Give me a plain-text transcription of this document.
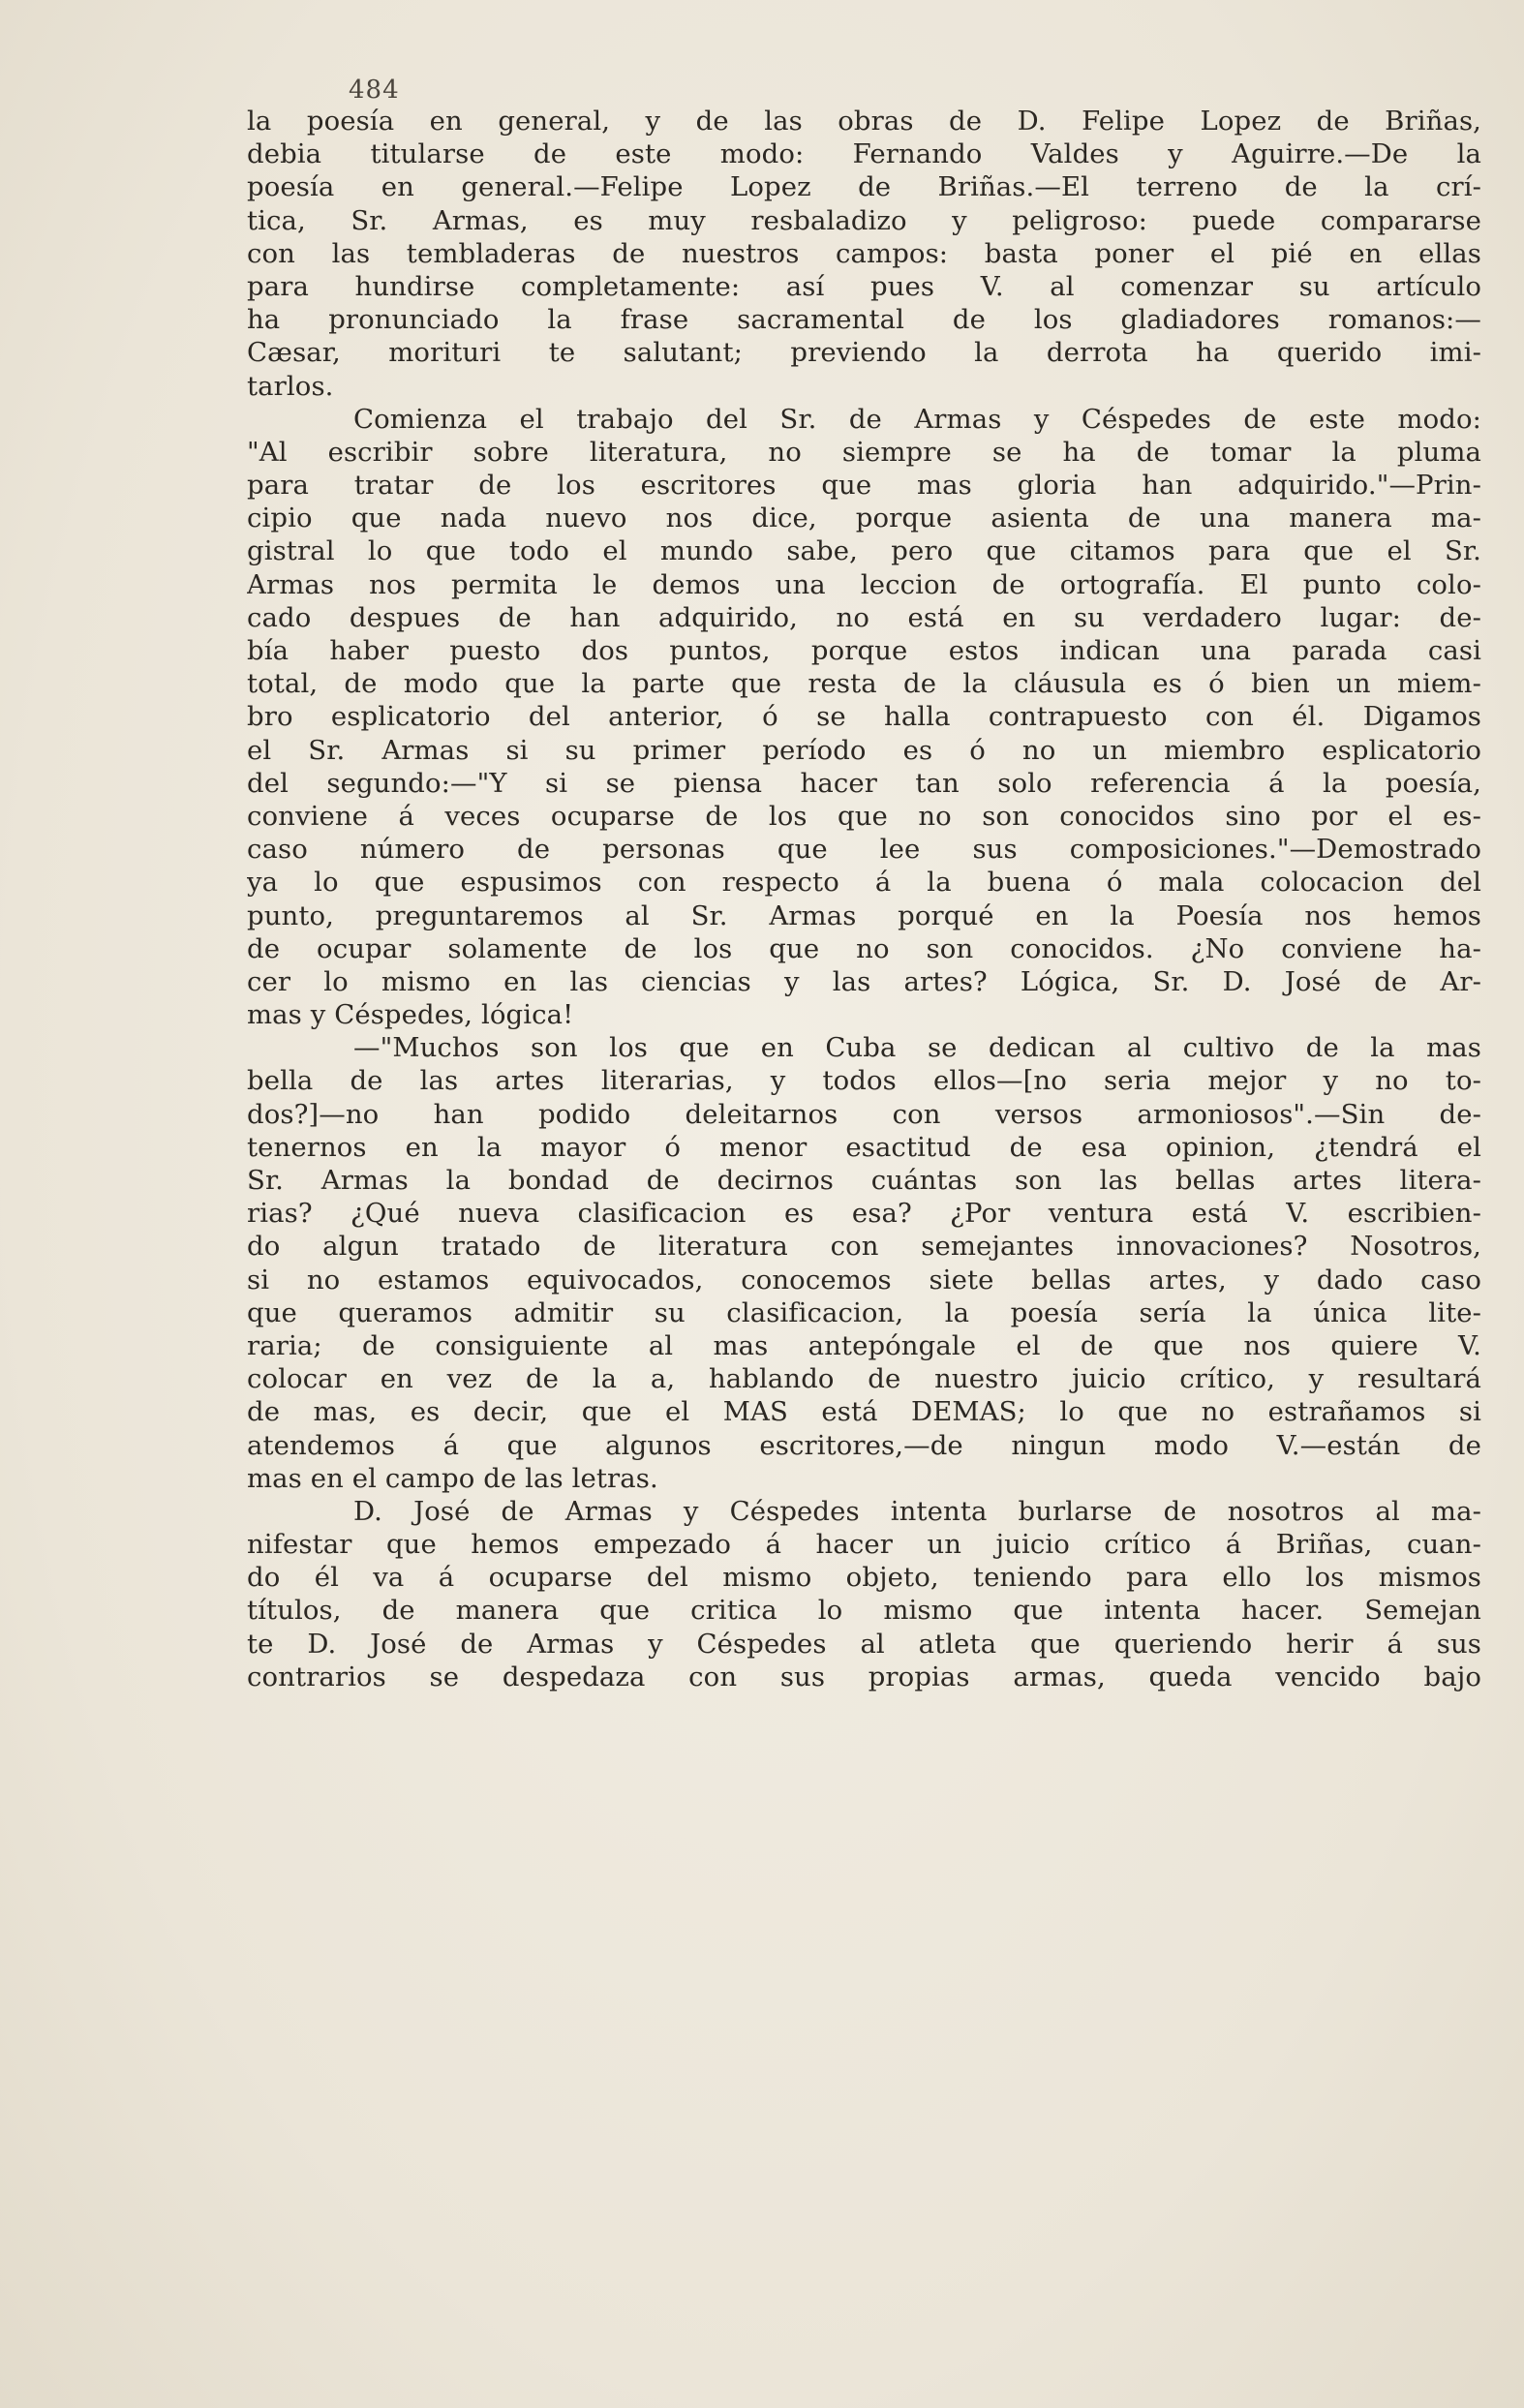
484
la poesía en general, y de las obras de D. Felipe Lopez de Briñas,
debia titularse de este modo: Fernando Valdes y Aguirre.—De la
poesía en general.—Felipe Lopez de Briñas.—El terreno de la crí-
tica, Sr. Armas, es muy resbaladizo y peligroso: puede compararse
con las tembladeras de nuestros campos: basta poner el pié en ellas
para hundirse completamente: así pues V. al comenzar su artículo
ha pronunciado la frase sacramental de los gladiadores romanos:—
Cæsar, morituri te salutant; previendo la derrota ha querido imi-
tarlos.
Comienza el trabajo del Sr. de Armas y Céspedes de este modo:
"Al escribir sobre literatura, no siempre se ha de tomar la pluma
para tratar de los escritores que mas gloria han adquirido."—Prin-
cipio que nada nuevo nos dice, porque asienta de una manera ma-
gistral lo que todo el mundo sabe, pero que citamos para que el Sr.
Armas nos permita le demos una leccion de ortografía. El punto colo-
cado despues de han adquirido, no está en su verdadero lugar: de-
bía haber puesto dos puntos, porque estos indican una parada casi
total, de modo que la parte que resta de la cláusula es ó bien un miem-
bro esplicatorio del anterior, ó se halla contrapuesto con él. Digamos
el Sr. Armas si su primer período es ó no un miembro esplicatorio
del segundo:—"Y si se piensa hacer tan solo referencia á la poesía,
conviene á veces ocuparse de los que no son conocidos sino por el es-
caso número de personas que lee sus composiciones."—Demostrado
ya lo que espusimos con respecto á la buena ó mala colocacion del
punto, preguntaremos al Sr. Armas porqué en la Poesía nos hemos
de ocupar solamente de los que no son conocidos. ¿No conviene ha-
cer lo mismo en las ciencias y las artes? Lógica, Sr. D. José de Ar-
mas y Céspedes, lógica!
—"Muchos son los que en Cuba se dedican al cultivo de la mas
bella de las artes literarias, y todos ellos—[no seria mejor y no to-
dos?]—no han podido deleitarnos con versos armoniosos".—Sin de-
tenernos en la mayor ó menor esactitud de esa opinion, ¿tendrá el
Sr. Armas la bondad de decirnos cuántas son las bellas artes litera-
rias? ¿Qué nueva clasificacion es esa? ¿Por ventura está V. escribien-
do algun tratado de literatura con semejantes innovaciones? Nosotros,
si no estamos equivocados, conocemos siete bellas artes, y dado caso
que queramos admitir su clasificacion, la poesía sería la única lite-
raria; de consiguiente al mas antepóngale el de que nos quiere V.
colocar en vez de la a, hablando de nuestro juicio crítico, y resultará
de mas, es decir, que el MAS está DEMAS; lo que no estrañamos si
atendemos á que algunos escritores,—de ningun modo V.—están de
mas en el campo de las letras.
D. José de Armas y Céspedes intenta burlarse de nosotros al ma-
nifestar que hemos empezado á hacer un juicio crítico á Briñas, cuan-
do él va á ocuparse del mismo objeto, teniendo para ello los mismos
títulos, de manera que critica lo mismo que intenta hacer. Semejan
te D. José de Armas y Céspedes al atleta que queriendo herir á sus
contrarios se despedaza con sus propias armas, queda vencido bajo
